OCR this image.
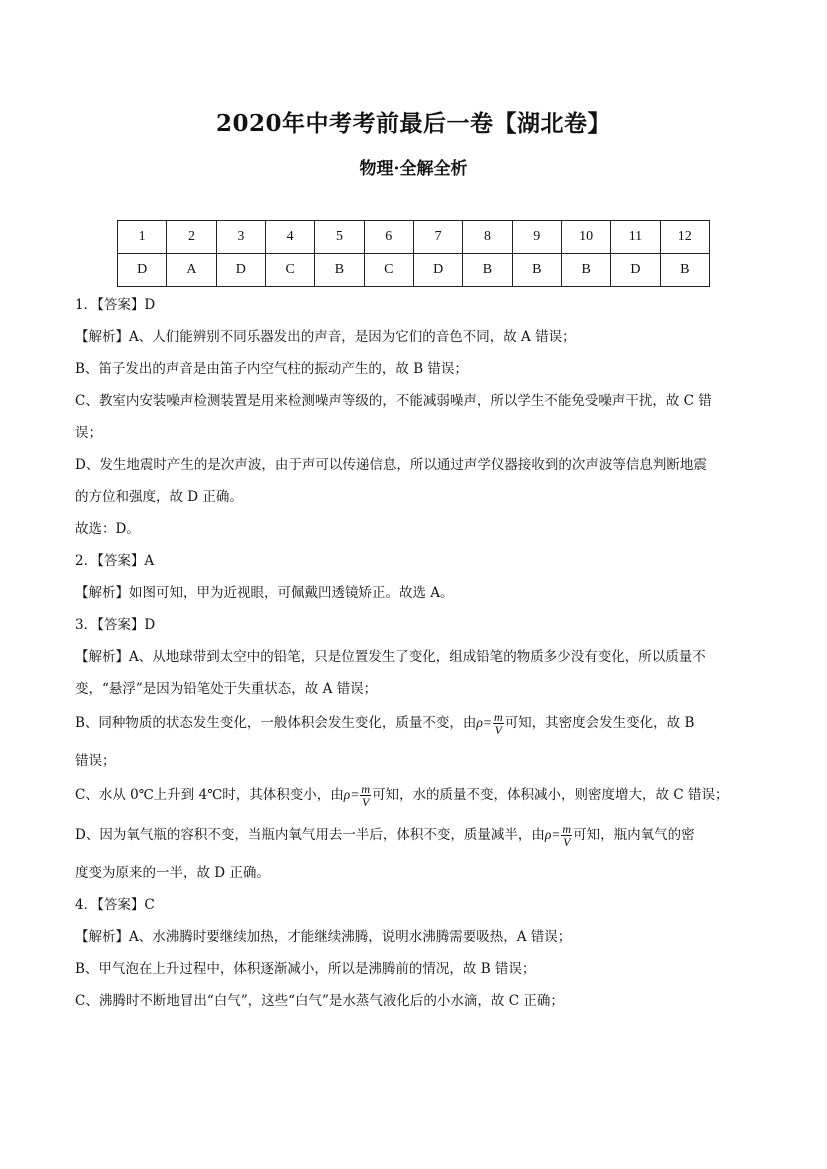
2020年中考考前最后一卷【湖北卷】
物理·全解全析
1	2	3	4	5	6	7	8	9	10	11	12
D	A	D	C	B	C	D	B	B	B	D	B
1．【答案】D
【解析】A、人们能辨别不同乐器发出的声音，是因为它们的音色不同，故 A 错误；
B、笛子发出的声音是由笛子内空气柱的振动产生的，故 B 错误；
C、教室内安装噪声检测装置是用来检测噪声等级的，不能减弱噪声，所以学生不能免受噪声干扰，故 C 错
误；
D、发生地震时产生的是次声波，由于声可以传递信息，所以通过声学仪器接收到的次声波等信息判断地震
的方位和强度，故 D 正确。
故选：D。
2．【答案】A
【解析】如图可知，甲为近视眼，可佩戴凹透镜矫正。故选 A。
3．【答案】D
【解析】A、从地球带到太空中的铅笔，只是位置发生了变化，组成铅笔的物质多少没有变化，所以质量不
变，“悬浮”是因为铅笔处于失重状态，故 A 错误；
B、同种物质的状态发生变化，一般体积会发生变化，质量不变，由$\rho= \frac{m}{V}$ 可知，其密度会发生变化，故 B
错误；
C、水从 0℃上升到 4℃时，其体积变小，由$\rho= \frac{m}{V}$ 可知，水的质量不变，体积减小，则密度增大，故 C 错误；
D、因为氧气瓶的容积不变，当瓶内氧气用去一半后，体积不变，质量减半，由$\rho= \frac{m}{V}$ 可知，瓶内氧气的密
度变为原来的一半，故 D 正确。
4．【答案】C
【解析】A、水沸腾时要继续加热，才能继续沸腾，说明水沸腾需要吸热，A 错误；
B、甲气泡在上升过程中，体积逐渐减小，所以是沸腾前的情况，故 B 错误；
C、沸腾时不断地冒出“白气”，这些“白气”是水蒸气液化后的小水滴，故 C 正确；
